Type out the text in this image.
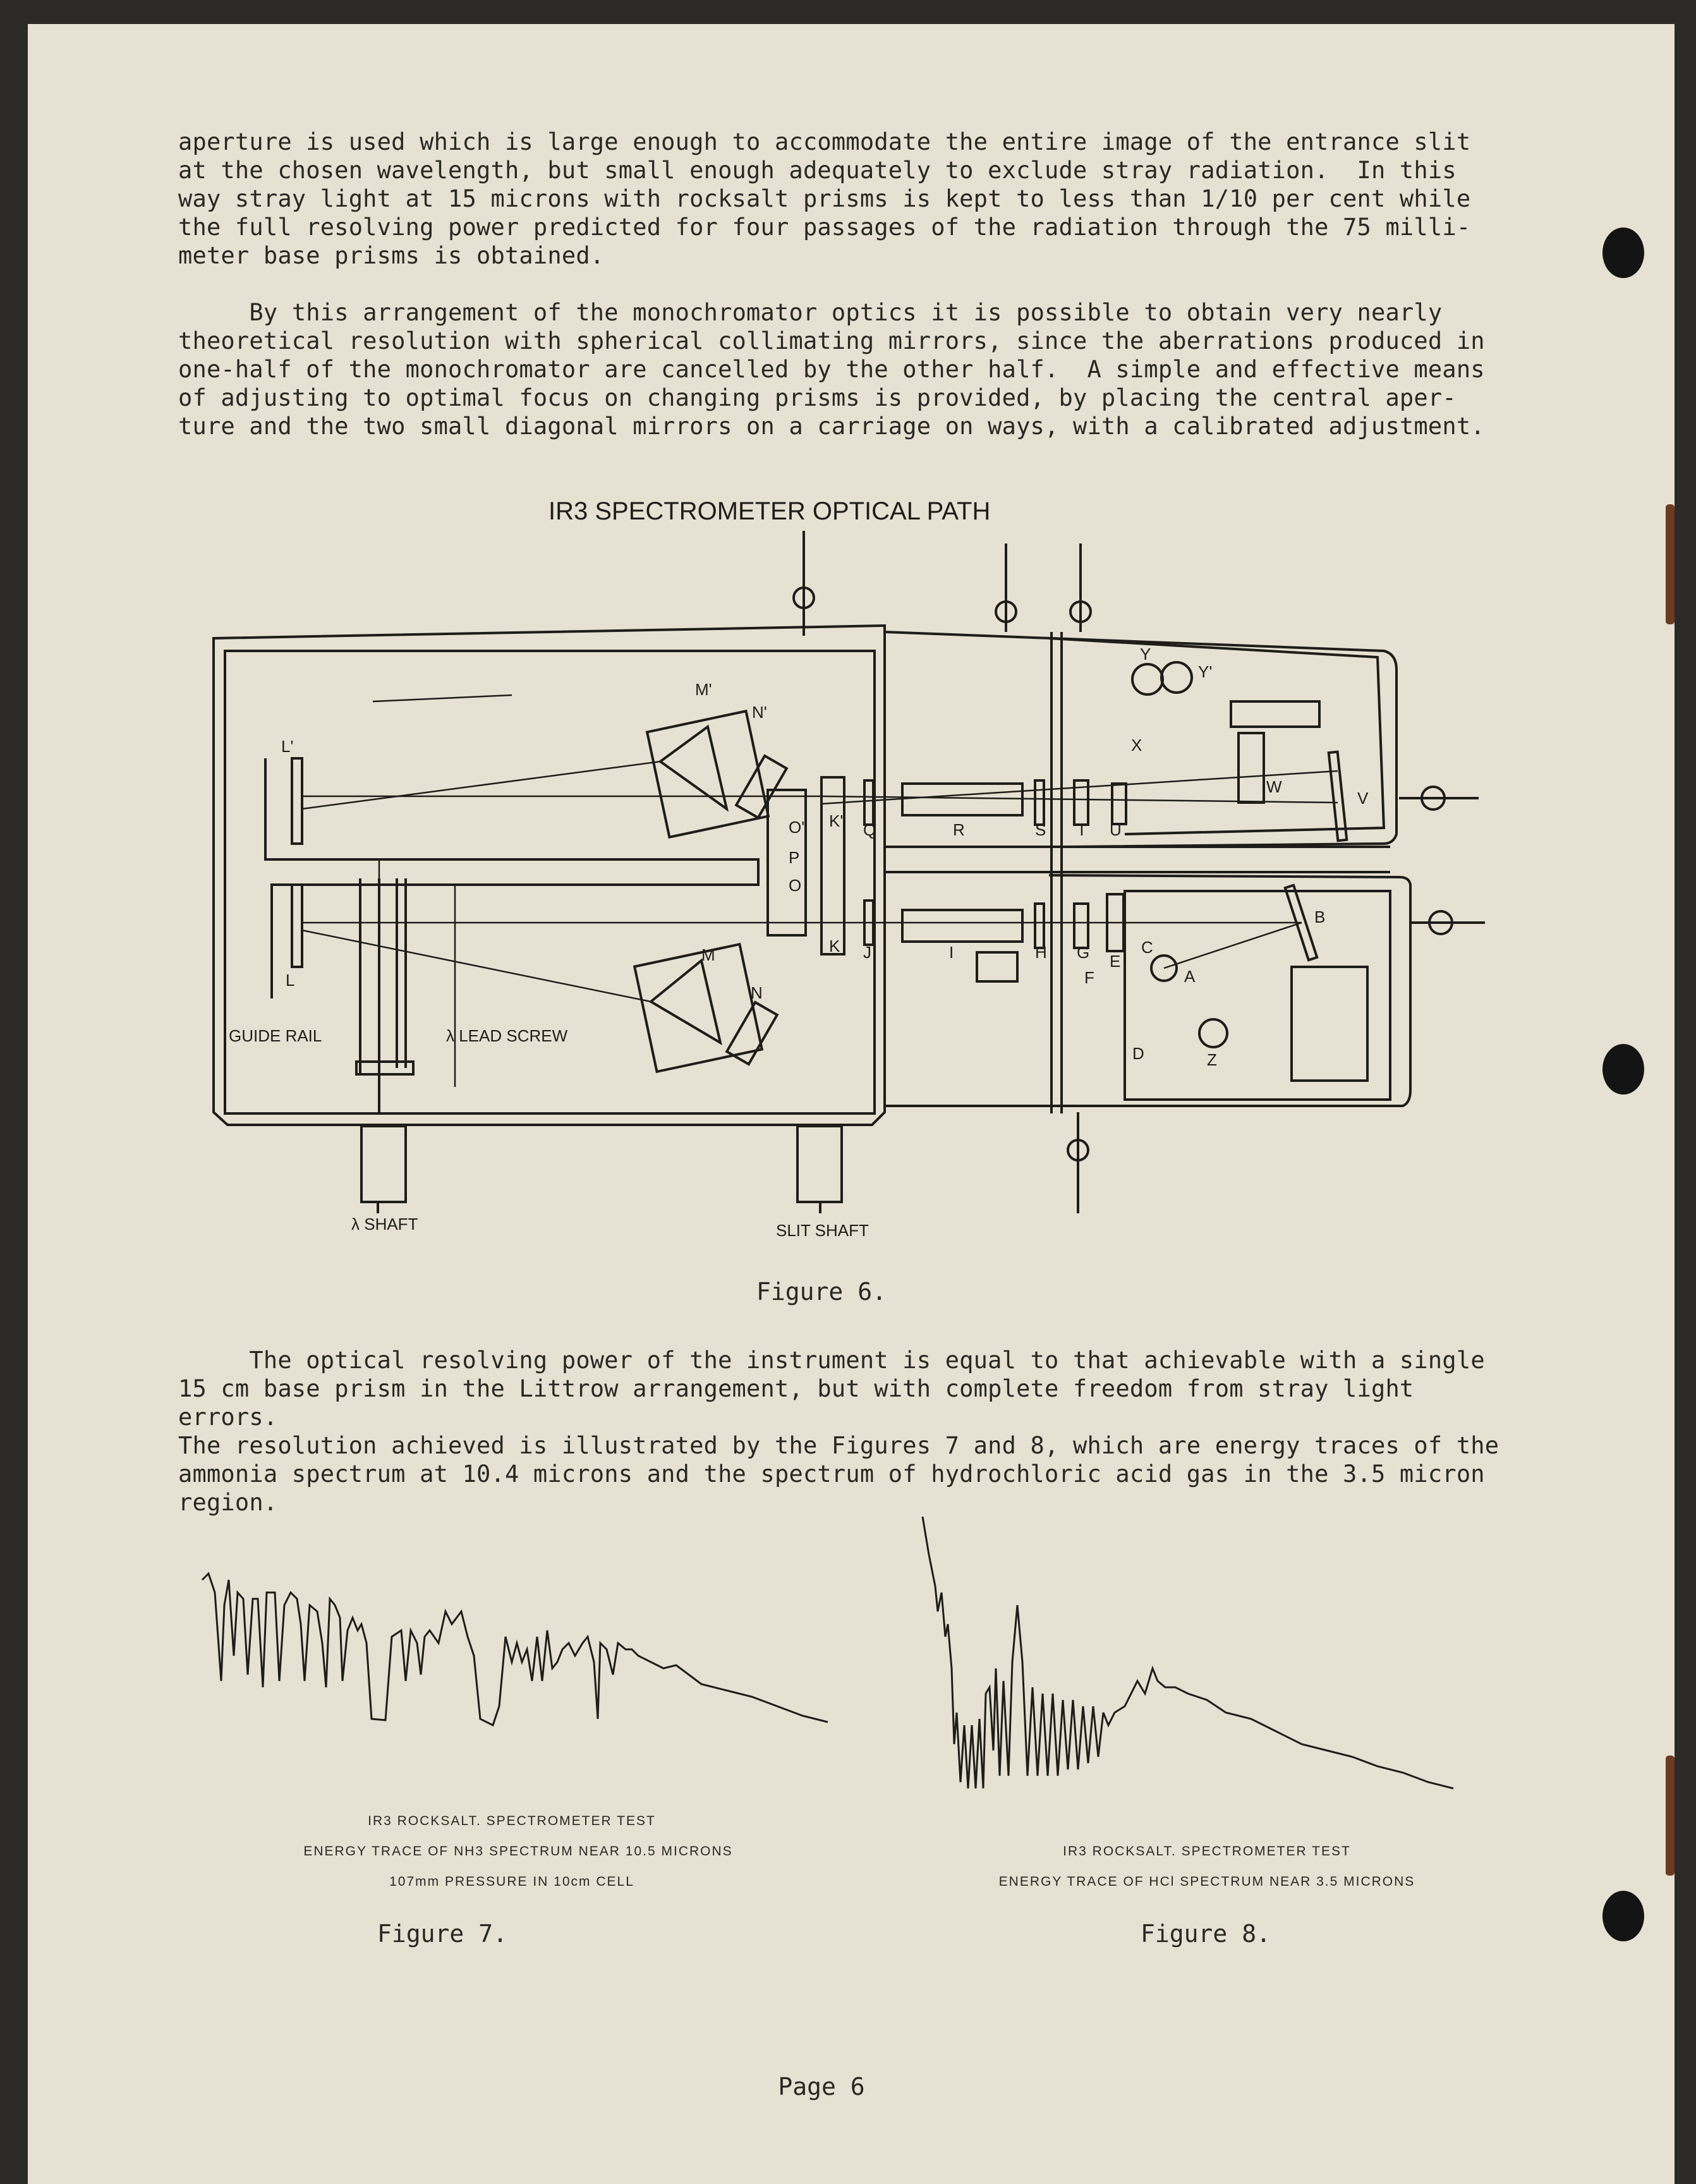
aperture is used which is large enough to accommodate the entire image of the entrance slit
at the chosen wavelength, but small enough adequately to exclude stray radiation.  In this
way stray light at 15 microns with rocksalt prisms is kept to less than 1/10 per cent while
the full resolving power predicted for four passages of the radiation through the 75 milli-
meter base prisms is obtained.

By this arrangement of the monochromator optics it is possible to obtain very nearly
theoretical resolution with spherical collimating mirrors, since the aberrations produced in
one-half of the monochromator are cancelled by the other half.  A simple and effective means
of adjusting to optimal focus on changing prisms is provided, by placing the central aper-
ture and the two small diagonal mirrors on a carriage on ways, with a calibrated adjustment.

IR3 SPECTROMETER OPTICAL PATH
L'
L
M'
N'
M
N
O'
P
O
K'
K
Q
J
R
I
S
H
T
G
U
E
F
X
Y
Y'
W
V
B
C
A
D	Z
GUIDE RAIL	λ LEAD SCREW
λ SHAFT	SLIT SHAFT
Figure 6.

The optical resolving power of the instrument is equal to that achievable with a single
15 cm base prism in the Littrow arrangement, but with complete freedom from stray light errors.
The resolution achieved is illustrated by the Figures 7 and 8, which are energy traces of the
ammonia spectrum at 10.4 microns and the spectrum of hydrochloric acid gas in the 3.5 micron
region.

IR3 ROCKSALT. SPECTROMETER TEST
ENERGY TRACE OF NH3 SPECTRUM NEAR 10.5 MICRONS
107mm PRESSURE IN 10cm CELL
Figure 7.
IR3 ROCKSALT. SPECTROMETER TEST
ENERGY TRACE OF HCl SPECTRUM NEAR 3.5 MICRONS
Figure 8.
Page 6
